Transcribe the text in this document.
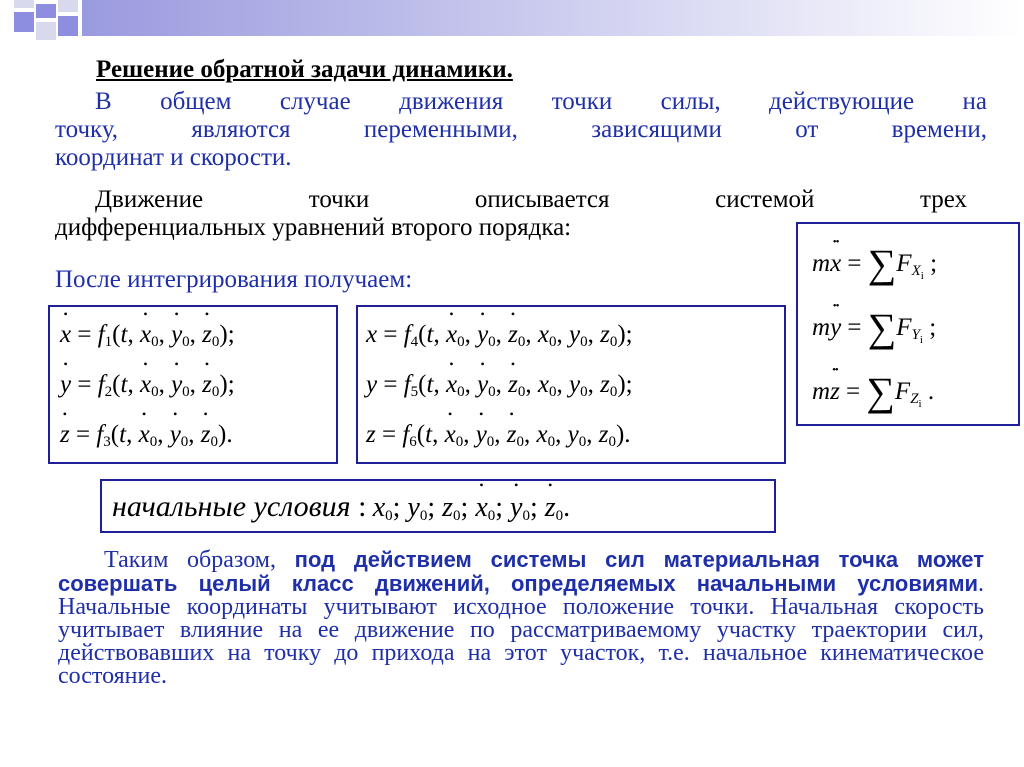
Решение обратной задачи динамики.
В общем случае движения точки силы, действующие на
точку, являются переменными, зависящими от времени,
координат и скорости.
Движение точки описывается системой трех
дифференциальных уравнений второго порядка:
После интегрирования получаем:
mx •• = $\sum F_{X_i}$ ;
my •• = $\sum F_{Y_i}$ ;
mz •• = $\sum F_{Z_i}$ .
x • = $f_1(t$, x $•_0$, y $•_0$, z $•_0$);
y • = $f_2(t$, x $•_0$, y $•_0$, z $•_0$);
z • = $f_3(t$, x $•_0$, y $•_0$, z $•_0$).
$x = f_4(t$, x $•_0$, y $•_0$, z $•_0$, $x_0$, $y_0$, $z_0$);
$y = f_5(t$, x $•_0$, y $•_0$, z $•_0$, $x_0$, $y_0$, $z_0$);
$z = f_6(t$, x $•_0$, y $•_0$, z $•_0$, $x_0$, $y_0$, $z_0$).
начальные условия : $x_0$; $y_0$; $z_0$; x $•_0$; y $•_0$; z $•_0$.
Таким образом, под действием системы сил материальная точка может совершать целый класс движений, определяемых начальными условиями. Начальные координаты учитывают исходное положение точки. Начальная скорость учитывает влияние на ее движение по рассматриваемому участку траектории сил, действовавших на точку до прихода на этот участок, т.е. начальное кинематическое состояние.
